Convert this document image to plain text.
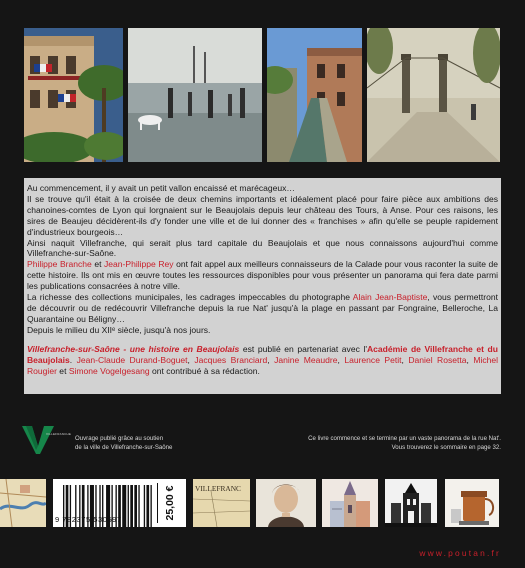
Au commencement, il y avait un petit vallon encaissé et marécageux…

Il se trouve qu'il était à la croisée de deux chemins importants et idéalement placé pour faire pièce aux ambitions des chanoines-comtes de Lyon qui lorgnaient sur le Beaujolais depuis leur château des Tours, à Anse. Pour ces raisons, les sires de Beaujeu décidèrent-ils d'y fonder une ville et de lui donner des « franchises » afin qu'elle se peuple rapidement d'industrieux bourgeois…

Ainsi naquit Villefranche, qui serait plus tard capitale du Beaujolais et que nous connaissons aujourd'hui comme Villefranche-sur-Saône.

Philippe Branche et Jean-Philippe Rey ont fait appel aux meilleurs connaisseurs de la Calade pour vous raconter la suite de cette histoire. Ils ont mis en œuvre toutes les ressources disponibles pour vous présenter un panorama qui fera date parmi les publications consacrées à notre ville.

La richesse des collections municipales, les cadrages impeccables du photographe Alain Jean-Baptiste, vous permettront de découvrir ou de redécouvrir Villefranche depuis la rue Nat' jusqu'à la plage en passant par Fongraine, Belleroche, La Quarantaine ou Béligny…

Depuis le milieu du XIIᵉ siècle, jusqu'à nos jours.

Villefranche-sur-Saône - une histoire en Beaujolais est publié en partenariat avec l'Académie de Villefranche et du Beaujolais. Jean-Claude Durand-Boguet, Jacques Branciard, Janine Meaudre, Laurence Petit, Daniel Rosetta, Michel Rougier et Simone Vogelgesang ont contribué à sa rédaction.

VILLEFRANCHE
Ouvrage publié grâce au soutien
de la ville de Villefranche-sur-Saône
Ce livre commence et se termine par un vaste panorama de la rue Nat'.
Vous trouverez le sommaire en page 32.
9 782375 530597	25,00 €	VILLEFRANC
www.poutan.fr
